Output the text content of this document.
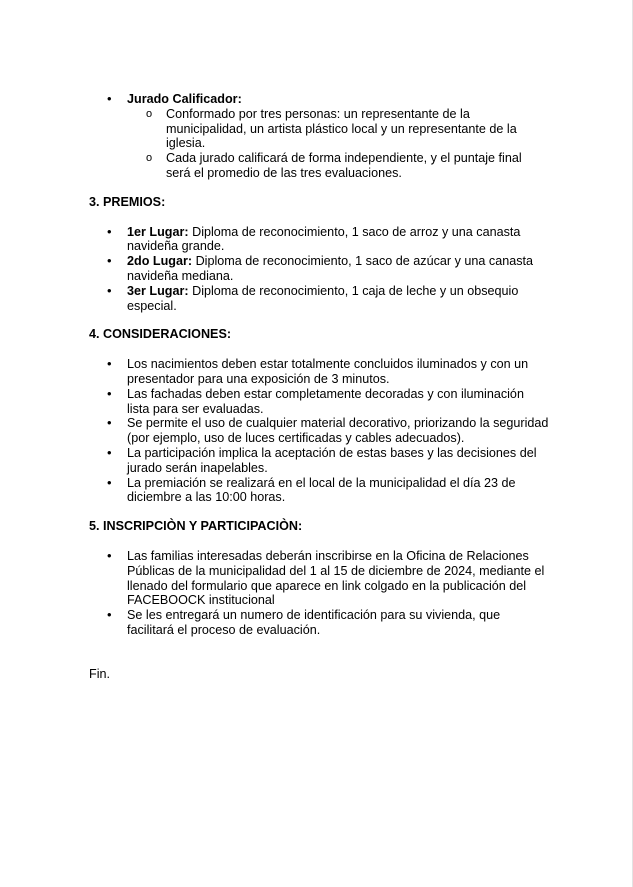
• Jurado Calificador:
o Conformado por tres personas: un representante de la municipalidad, un artista plástico local y un representante de la iglesia.
o Cada jurado calificará de forma independiente, y el puntaje final será el promedio de las tres evaluaciones.

3. PREMIOS:

• 1er Lugar: Diploma de reconocimiento, 1 saco de arroz y una canasta navideña grande.
• 2do Lugar: Diploma de reconocimiento, 1 saco de azúcar y una canasta navideña mediana.
• 3er Lugar: Diploma de reconocimiento, 1 caja de leche y un obsequio especial.

4. CONSIDERACIONES:

• Los nacimientos deben estar totalmente concluidos iluminados y con un presentador para una exposición de 3 minutos.
• Las fachadas deben estar completamente decoradas y con iluminación lista para ser evaluadas.
• Se permite el uso de cualquier material decorativo, priorizando la seguridad (por ejemplo, uso de luces certificadas y cables adecuados).
• La participación implica la aceptación de estas bases y las decisiones del jurado serán inapelables.
• La premiación se realizará en el local de la municipalidad el día 23 de diciembre a las 10:00 horas.

5. INSCRIPCIÒN Y PARTICIPACIÒN:

• Las familias interesadas deberán inscribirse en la Oficina de Relaciones Públicas de la municipalidad del 1 al 15 de diciembre de 2024, mediante el llenado del formulario que aparece en link colgado en la publicación del FACEBOOCK institucional
• Se les entregará un numero de identificación para su vivienda, que facilitará el proceso de evaluación.

Fin.
